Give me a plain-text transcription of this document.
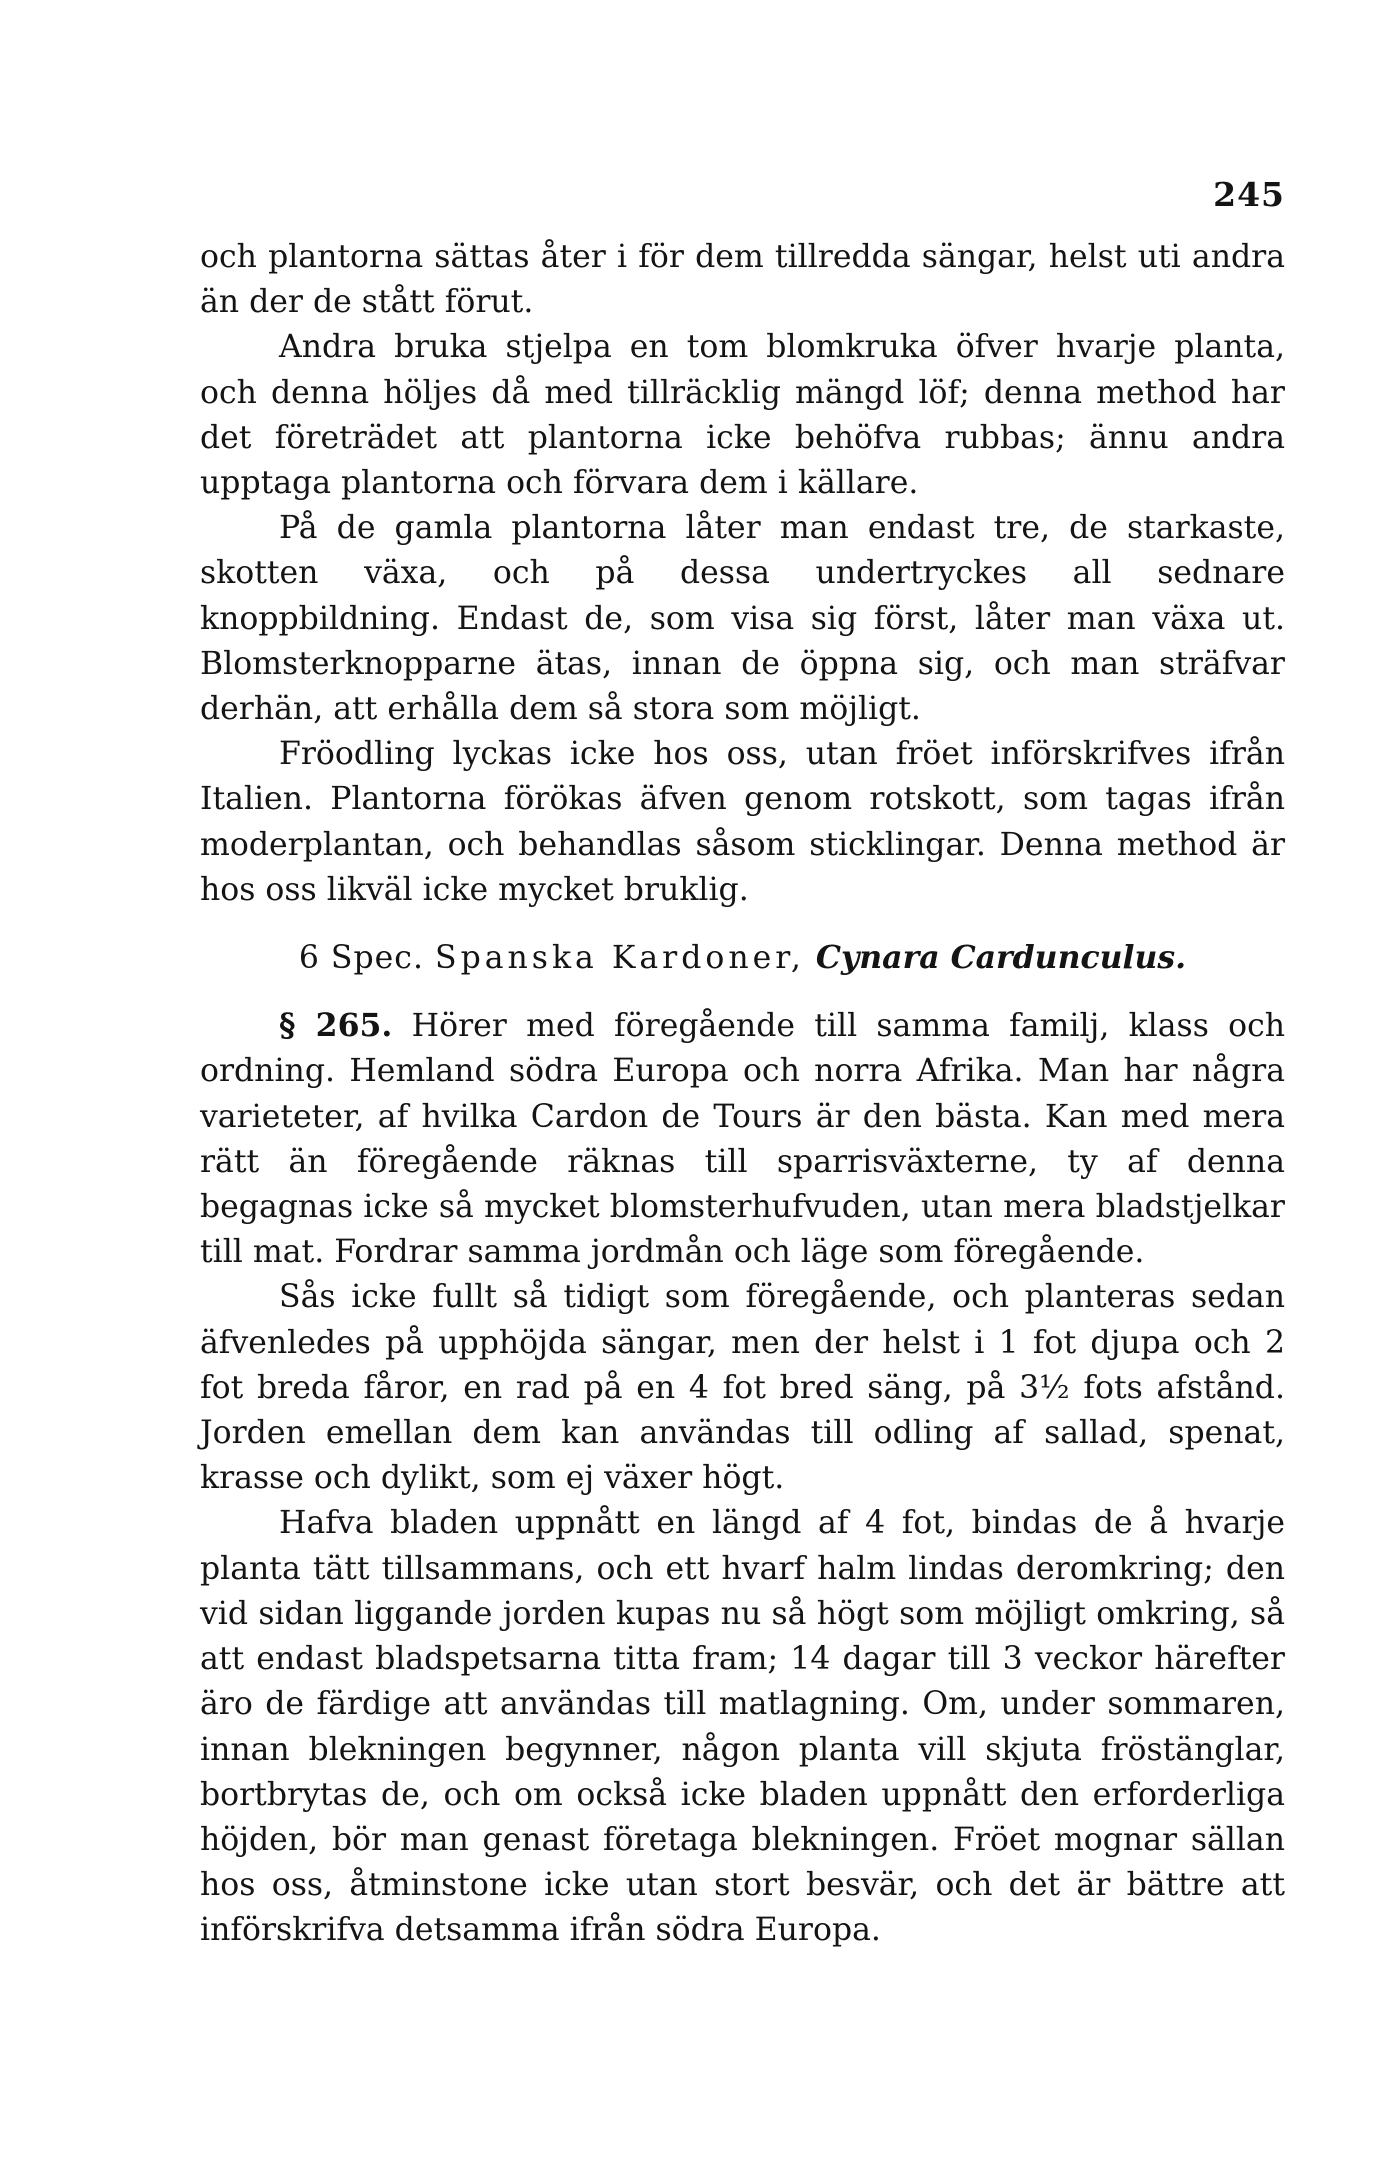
245

och plantorna sättas åter i för dem tillredda sängar, helst uti andra än der de stått förut.

Andra bruka stjelpa en tom blomkruka öfver hvarje planta, och denna höljes då med tillräcklig mängd löf; denna method har det företrädet att plantorna icke behöfva rubbas; ännu andra upptaga plantorna och förvara dem i källare.

På de gamla plantorna låter man endast tre, de starkaste, skotten växa, och på dessa undertryckes all sednare knoppbildning. Endast de, som visa sig först, låter man växa ut. Blomsterknopparne ätas, innan de öppna sig, och man sträfvar derhän, att erhålla dem så stora som möjligt.

Fröodling lyckas icke hos oss, utan fröet införskrifves ifrån Italien. Plantorna förökas äfven genom rotskott, som tagas ifrån moderplantan, och behandlas såsom sticklingar. Denna method är hos oss likväl icke mycket bruklig.

6 Spec. Spanska Kardoner, Cynara Cardunculus.

§ 265. Hörer med föregående till samma familj, klass och ordning. Hemland södra Europa och norra Afrika. Man har några varieteter, af hvilka Cardon de Tours är den bästa. Kan med mera rätt än föregående räknas till sparrisväxterne, ty af denna begagnas icke så mycket blomsterhufvuden, utan mera bladstjelkar till mat. Fordrar samma jordmån och läge som föregående.

Sås icke fullt så tidigt som föregående, och planteras sedan äfvenledes på upphöjda sängar, men der helst i 1 fot djupa och 2 fot breda fåror, en rad på en 4 fot bred säng, på 3½ fots afstånd. Jorden emellan dem kan användas till odling af sallad, spenat, krasse och dylikt, som ej växer högt.

Hafva bladen uppnått en längd af 4 fot, bindas de å hvarje planta tätt tillsammans, och ett hvarf halm lindas deromkring; den vid sidan liggande jorden kupas nu så högt som möjligt omkring, så att endast bladspetsarna titta fram; 14 dagar till 3 veckor härefter äro de färdige att användas till matlagning. Om, under sommaren, innan blekningen begynner, någon planta vill skjuta fröstänglar, bortbrytas de, och om också icke bladen uppnått den erforderliga höjden, bör man genast företaga blekningen. Fröet mognar sällan hos oss, åtminstone icke utan stort besvär, och det är bättre att införskrifva detsamma ifrån södra Europa.
